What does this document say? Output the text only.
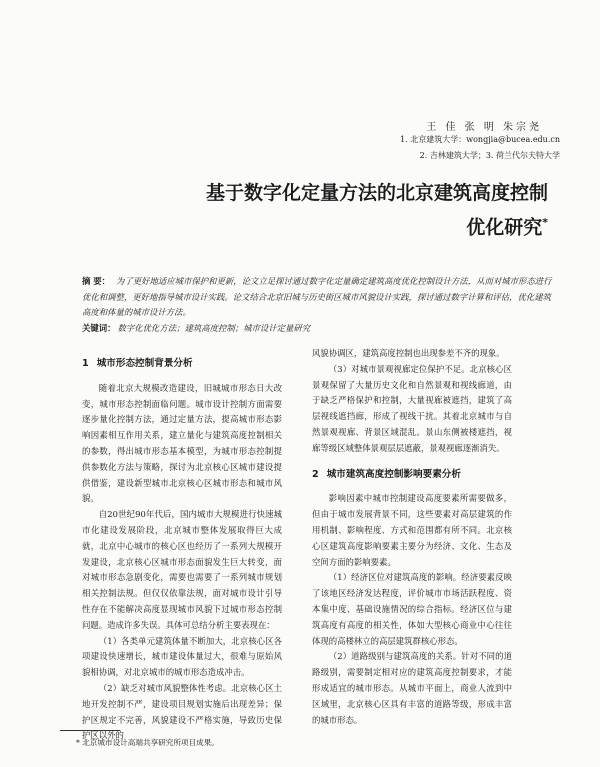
王 佳 张 明 朱宗尧
1. 北京建筑大学：wongjia@bucea.edu.cn
2. 吉林建筑大学；3. 荷兰代尔夫特大学
基于数字化定量方法的北京建筑高度控制
优化研究*
摘 要： 为了更好地适应城市保护和更新，论文立足探讨通过数字化定量确定建筑高度优化控制设计方法，从而对城市形态进行优化和调整，更好地指导城市设计实践。论文结合北京旧城与历史街区城市风貌设计实践，探讨通过数字计算和评估，优化建筑高度和体量的城市设计方法。
关键词： 数字化优化方法；建筑高度控制；城市设计定量研究
1 城市形态控制背景分析

随着北京大规模改造建设，旧城城市形态日大改变，城市形态控制面临问题。城市设计控制方面需要逐步量化控制方法，通过定量方法，提高城市形态影响因素相互作用关系，建立量化与建筑高度控制相关的参数，得出城市形态基本模型，为城市形态控制提供参数化方法与策略，探讨为北京核心区城市建设提供借鉴，建设新型城市北京核心区城市形态和城市风貌。

自20世纪90年代后，国内城市大规模进行快速城市化建设发展阶段，北京城市整体发展取得巨大成就，北京中心城市的核心区也经历了一系列大规模开发建设，北京核心区城市形态面貌发生巨大转变，面对城市形态急剧变化，需要也需要了一系列城市规划相关控制法规。但仅仅依靠法规，面对城市设计引导性存在不能解决高度显现城市风貌下过城市形态控制问题。造成许多失误。具体可总结分析主要表现在：

（1）各类单元建筑体量不断加大，北京核心区各项建设快速增长，城市建设体量过大，很难与原始风貌相协调，对北京城市的城市形态造成冲击。

（2）缺乏对城市风貌整体性考虑。北京核心区土地开发控制不严，建设项目规划实施后出现差异；保护区规定不完善，风貌建设不严格实施，导致历史保护区以外的

风貌协调区，建筑高度控制也出现参差不齐的现象。

（3）对城市景观视廊定位保护不足。北京核心区景观保留了大量历史文化和自然景观和视线廊道，由于缺乏严格保护和控制，大量视廊被遮挡，建筑了高层视线遮挡廊，形成了视线干扰。其着北京城市与自然景观视廊、背景区域混乱。景山东侧被楼遮挡，视廊等级区域整体景观层层遮蔽，景观视廊逐渐消失。

2 城市建筑高度控制影响要素分析

影响因素中城市控制建设高度要素所需要做多，但由于城市发展背景不同，这些要素对高层建筑的作用机制、影响程度、方式和范围都有所不同。北京核心区建筑高度影响要素主要分为经济、文化、生态及空间方面的影响要素。

（1）经济区位对建筑高度的影响。经济要素反映了该地区经济发达程度，评价城市市场活跃程度、资本集中度、基础设施情况的综合指标。经济区位与建筑高度有高度的相关性，体如大型核心商业中心往往体现的高楼林立的高层建筑群核心形态。

（2）道路级别与建筑高度的关系。针对不同的道路级别，需要制定相对应的建筑高度控制要求，才能形成适宜的城市形态。从城市平面上，商业人流到中区域里，北京核心区具有丰富的道路等级，形成丰富的城市形态。

* 北京城市设计高端共享研究所项目成果。
